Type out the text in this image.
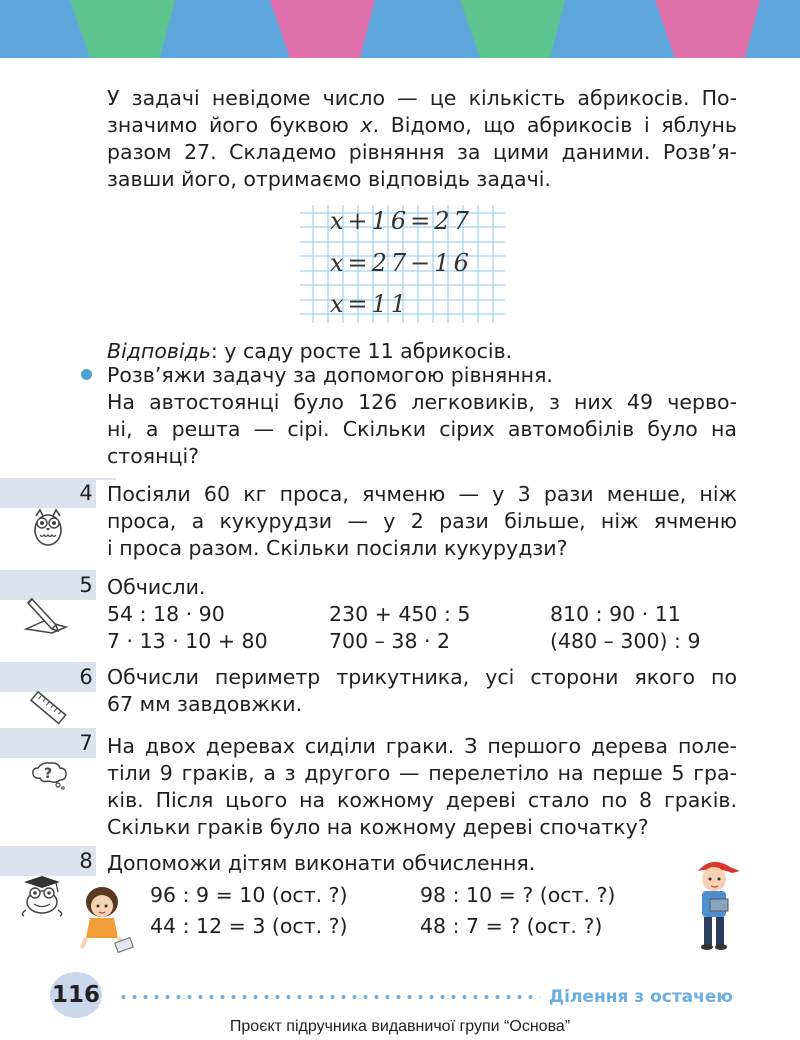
У задачі невідоме число — це кількість абрикосів. По-
значимо його буквою x. Відомо, що абрикосів і яблунь
разом 27. Складемо рівняння за цими даними. Розв’я-
завши його, отримаємо відповідь задачі.
x+16=27
x=27−16
x=11
Відповідь: у саду росте 11 абрикосів.
Розв’яжи задачу за допомогою рівняння.
На автостоянці було 126 легковиків, з них 49 черво-
ні, а решта — сірі. Скільки сірих автомобілів було на
стоянці?
4 Посіяли 60 кг проса, ячменю — у 3 рази менше, ніж
проса, а кукурудзи — у 2 рази більше, ніж ячменю
і проса разом. Скільки посіяли кукурудзи?
5 Обчисли.
54 : 18 · 90	230 + 450 : 5	810 : 90 · 11
7 · 13 · 10 + 80	700 – 38 · 2	(480 – 300) : 9
6 Обчисли периметр трикутника, усі сторони якого по
67 мм завдовжки.
7
?
На двох деревах сиділи граки. З першого дерева поле-
тіли 9 граків, а з другого — перелетіло на перше 5 гра-
ків. Після цього на кожному дереві стало по 8 граків.
Скільки граків було на кожному дереві спочатку?
8 Допоможи дітям виконати обчислення.
96 : 9 = 10 (ост. ?)	98 : 10 = ? (ост. ?)
44 : 12 = 3 (ост. ?)	48 : 7 = ? (ост. ?)
116	Ділення з остачею
Проєкт підручника видавничої групи “Основа”
